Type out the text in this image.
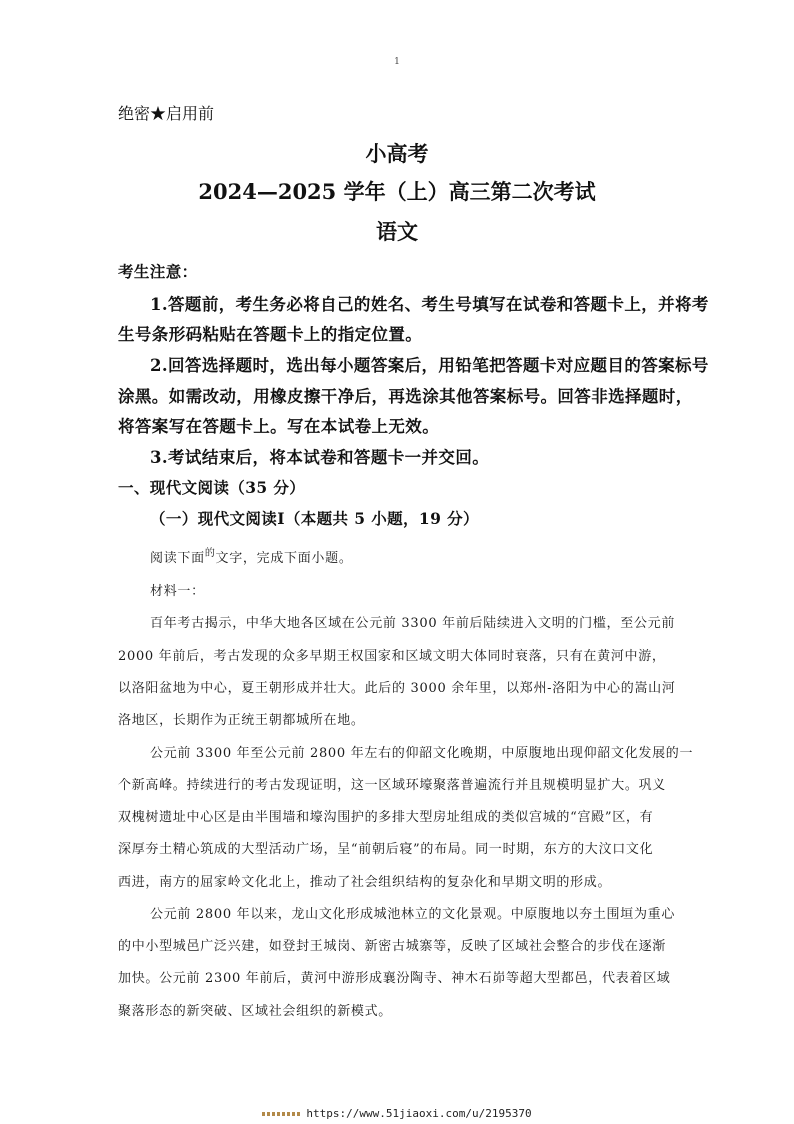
1
绝密★启用前
小高考
2024—2025 学年（上）高三第二次考试
语文
考生注意：
1.答题前，考生务必将自己的姓名、考生号填写在试卷和答题卡上，并将考
生号条形码粘贴在答题卡上的指定位置。
2.回答选择题时，选出每小题答案后，用铅笔把答题卡对应题目的答案标号
涂黑。如需改动，用橡皮擦干净后，再选涂其他答案标号。回答非选择题时，
将答案写在答题卡上。写在本试卷上无效。
3.考试结束后，将本试卷和答题卡一并交回。
一、现代文阅读（35 分）
（一）现代文阅读Ⅰ（本题共 5 小题，19 分）
阅读下面$^的$文字，完成下面小题。
材料一：
百年考古揭示，中华大地各区域在公元前 3300 年前后陆续进入文明的门槛，至公元前
2000 年前后，考古发现的众多早期王权国家和区域文明大体同时衰落，只有在黄河中游，
以洛阳盆地为中心，夏王朝形成并壮大。此后的 3000 余年里，以郑州-洛阳为中心的嵩山河
洛地区，长期作为正统王朝都城所在地。
公元前 3300 年至公元前 2800 年左右的仰韶文化晚期，中原腹地出现仰韶文化发展的一
个新高峰。持续进行的考古发现证明，这一区域环壕聚落普遍流行并且规模明显扩大。巩义
双槐树遗址中心区是由半围墙和壕沟围护的多排大型房址组成的类似宫城的“宫殿”区，有
深厚夯土精心筑成的大型活动广场，呈“前朝后寝”的布局。同一时期，东方的大汶口文化
西进，南方的屈家岭文化北上，推动了社会组织结构的复杂化和早期文明的形成。
公元前 2800 年以来，龙山文化形成城池林立的文化景观。中原腹地以夯土围垣为重心
的中小型城邑广泛兴建，如登封王城岗、新密古城寨等，反映了区域社会整合的步伐在逐渐
加快。公元前 2300 年前后，黄河中游形成襄汾陶寺、神木石峁等超大型都邑，代表着区域
聚落形态的新突破、区域社会组织的新模式。
https://www.51jiaoxi.com/u/2195370
